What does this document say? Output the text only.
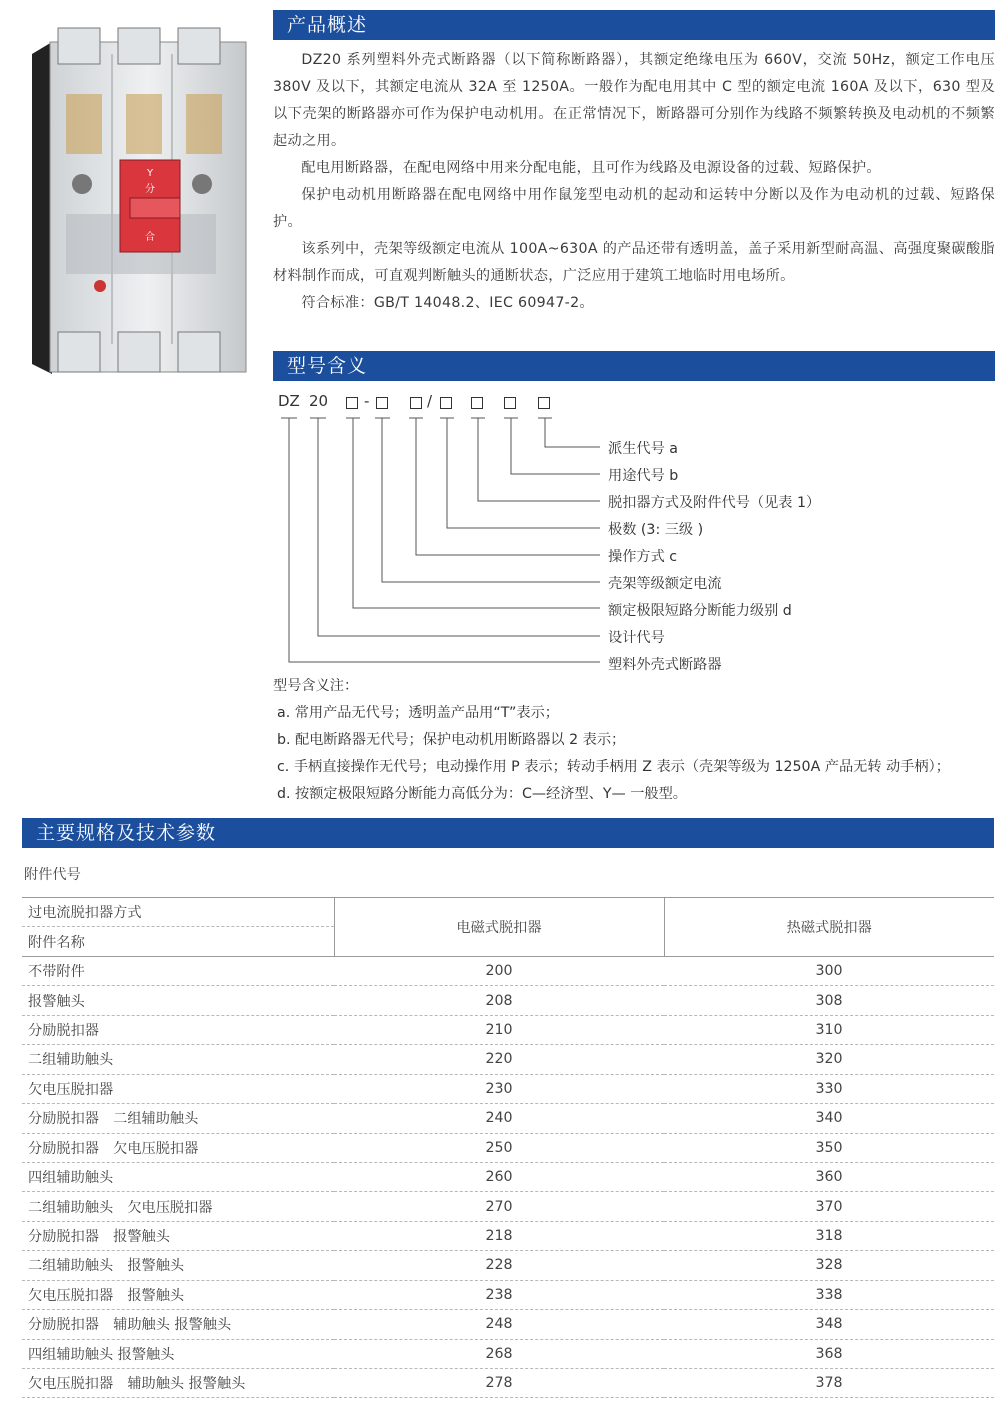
Y
分
合
产品概述

DZ20 系列塑料外壳式断路器（以下简称断路器），其额定绝缘电压为 660V，交流 50Hz，额定工作电压 380V 及以下，其额定电流从 32A 至 1250A。一般作为配电用其中 C 型的额定电流 160A 及以下，630 型及以下壳架的断路器亦可作为保护电动机用。在正常情况下，断路器可分别作为线路不频繁转换及电动机的不频繁起动之用。

配电用断路器，在配电网络中用来分配电能，且可作为线路及电源设备的过载、短路保护。

保护电动机用断路器在配电网络中用作鼠笼型电动机的起动和运转中分断以及作为电动机的过载、短路保护。

该系列中，壳架等级额定电流从 100A~630A 的产品还带有透明盖，盖子采用新型耐高温、高强度聚碳酸脂材料制作而成，可直观判断触头的通断状态，广泛应用于建筑工地临时用电场所。

符合标准：GB/T 14048.2、IEC 60947-2。

型号含义
DZ 20 -	/
派生代号 a
用途代号 b
脱扣器方式及附件代号（见表 1）
极数 (3: 三级 )
操作方式 c
壳架等级额定电流
额定极限短路分断能力级别 d
设计代号
塑料外壳式断路器
型号含义注：
a. 常用产品无代号；透明盖产品用“T”表示；
b. 配电断路器无代号；保护电动机用断路器以 2 表示；
c. 手柄直接操作无代号；电动操作用 P 表示；转动手柄用 Z 表示（壳架等级为 1250A 产品无转 动手柄）；
d. 按额定极限短路分断能力高低分为：C—经济型、Y— 一般型。
主要规格及技术参数
附件代号
过电流脱扣器方式	电磁式脱扣器	热磁式脱扣器
附件名称		
不带附件	200	300
报警触头	208	308
分励脱扣器	210	310
二组辅助触头	220	320
欠电压脱扣器	230	330
分励脱扣器　二组辅助触头	240	340
分励脱扣器　欠电压脱扣器	250	350
四组辅助触头	260	360
二组辅助触头　欠电压脱扣器	270	370
分励脱扣器　报警触头	218	318
二组辅助触头　报警触头	228	328
欠电压脱扣器　报警触头	238	338
分励脱扣器　辅助触头 报警触头	248	348
四组辅助触头 报警触头	268	368
欠电压脱扣器　辅助触头 报警触头	278	378
